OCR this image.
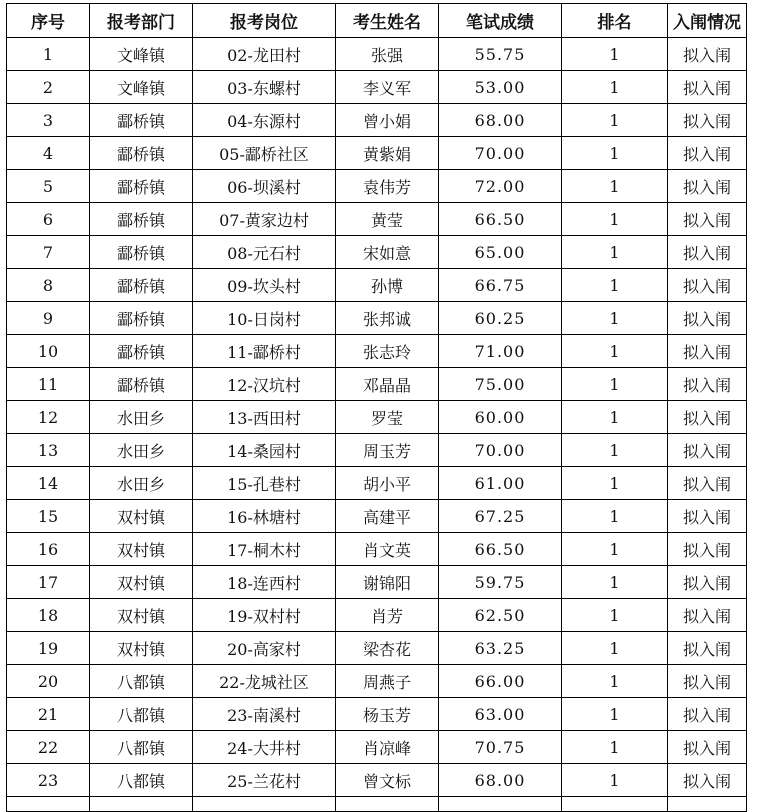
序号	报考部门	报考岗位	考生姓名	笔试成绩	排名	入闱情况
1	文峰镇	02-龙田村	张强	55.75	1	拟入闱
2	文峰镇	03-东螺村	李义军	53.00	1	拟入闱
3	酃桥镇	04-东源村	曾小娟	68.00	1	拟入闱
4	酃桥镇	05-酃桥社区	黄紫娟	70.00	1	拟入闱
5	酃桥镇	06-坝溪村	袁伟芳	72.00	1	拟入闱
6	酃桥镇	07-黄家边村	黄莹	66.50	1	拟入闱
7	酃桥镇	08-元石村	宋如意	65.00	1	拟入闱
8	酃桥镇	09-坎头村	孙博	66.75	1	拟入闱
9	酃桥镇	10-日岗村	张邦诚	60.25	1	拟入闱
10	酃桥镇	11-酃桥村	张志玲	71.00	1	拟入闱
11	酃桥镇	12-汉坑村	邓晶晶	75.00	1	拟入闱
12	水田乡	13-西田村	罗莹	60.00	1	拟入闱
13	水田乡	14-桑园村	周玉芳	70.00	1	拟入闱
14	水田乡	15-孔巷村	胡小平	61.00	1	拟入闱
15	双村镇	16-林塘村	高建平	67.25	1	拟入闱
16	双村镇	17-桐木村	肖文英	66.50	1	拟入闱
17	双村镇	18-连西村	谢锦阳	59.75	1	拟入闱
18	双村镇	19-双村村	肖芳	62.50	1	拟入闱
19	双村镇	20-高家村	梁杏花	63.25	1	拟入闱
20	八都镇	22-龙城社区	周燕子	66.00	1	拟入闱
21	八都镇	23-南溪村	杨玉芳	63.00	1	拟入闱
22	八都镇	24-大井村	肖凉峰	70.75	1	拟入闱
23	八都镇	25-兰花村	曾文标	68.00	1	拟入闱
